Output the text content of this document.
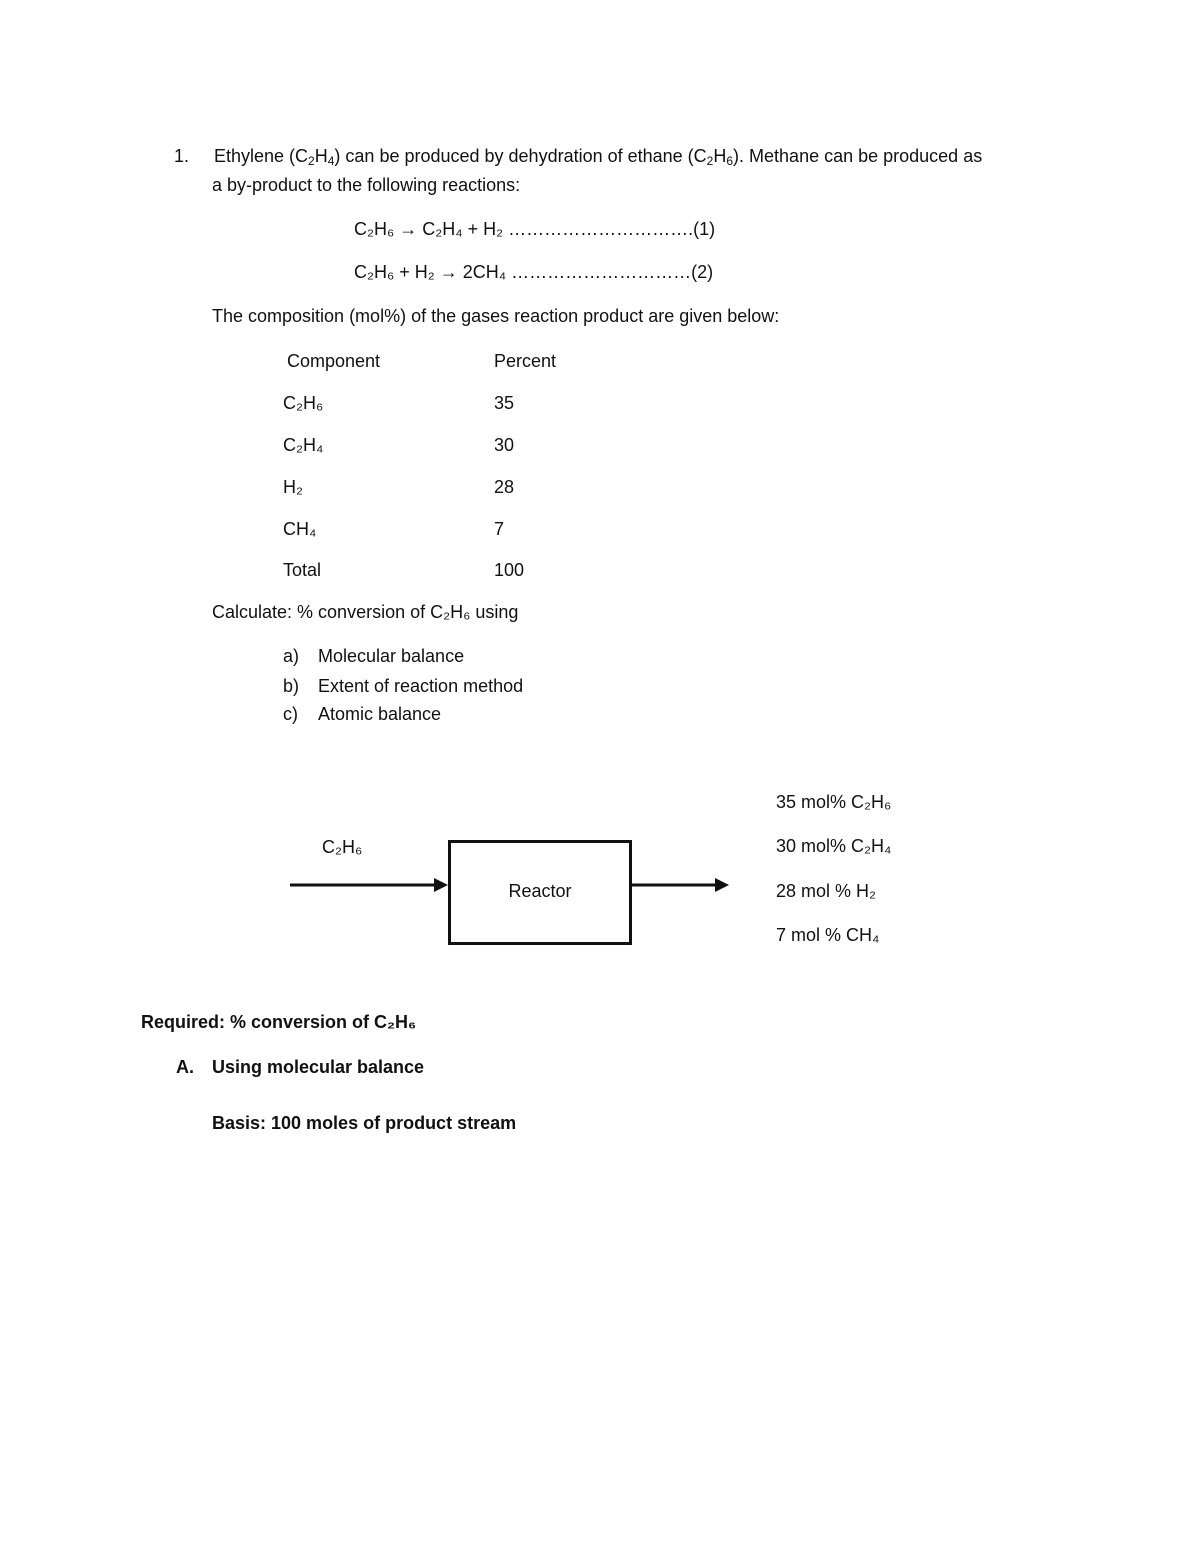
1. Ethylene $(C_2H_4)$ can be produced by dehydration of ethane $(C_2H_6)$. Methane can be produced as
a by-product to the following reactions:
C₂H₆ → C₂H₄ + H₂ ………………………….(1)
C₂H₆ + H₂ → 2CH₄ …………………………(2)
The composition (mol%) of the gases reaction product are given below:
Component	Percent
C₂H₆	35
C₂H₄	30
H₂	28
CH₄	7
Total	100
Calculate: % conversion of C₂H₆ using
a) Molecular balance
b) Extent of reaction method
c) Atomic balance
C₂H₆
Reactor
35 mol% C₂H₆
30 mol% C₂H₄
28 mol % H₂
7 mol % CH₄
Required: % conversion of C₂H₆
A. Using molecular balance
Basis: 100 moles of product stream
